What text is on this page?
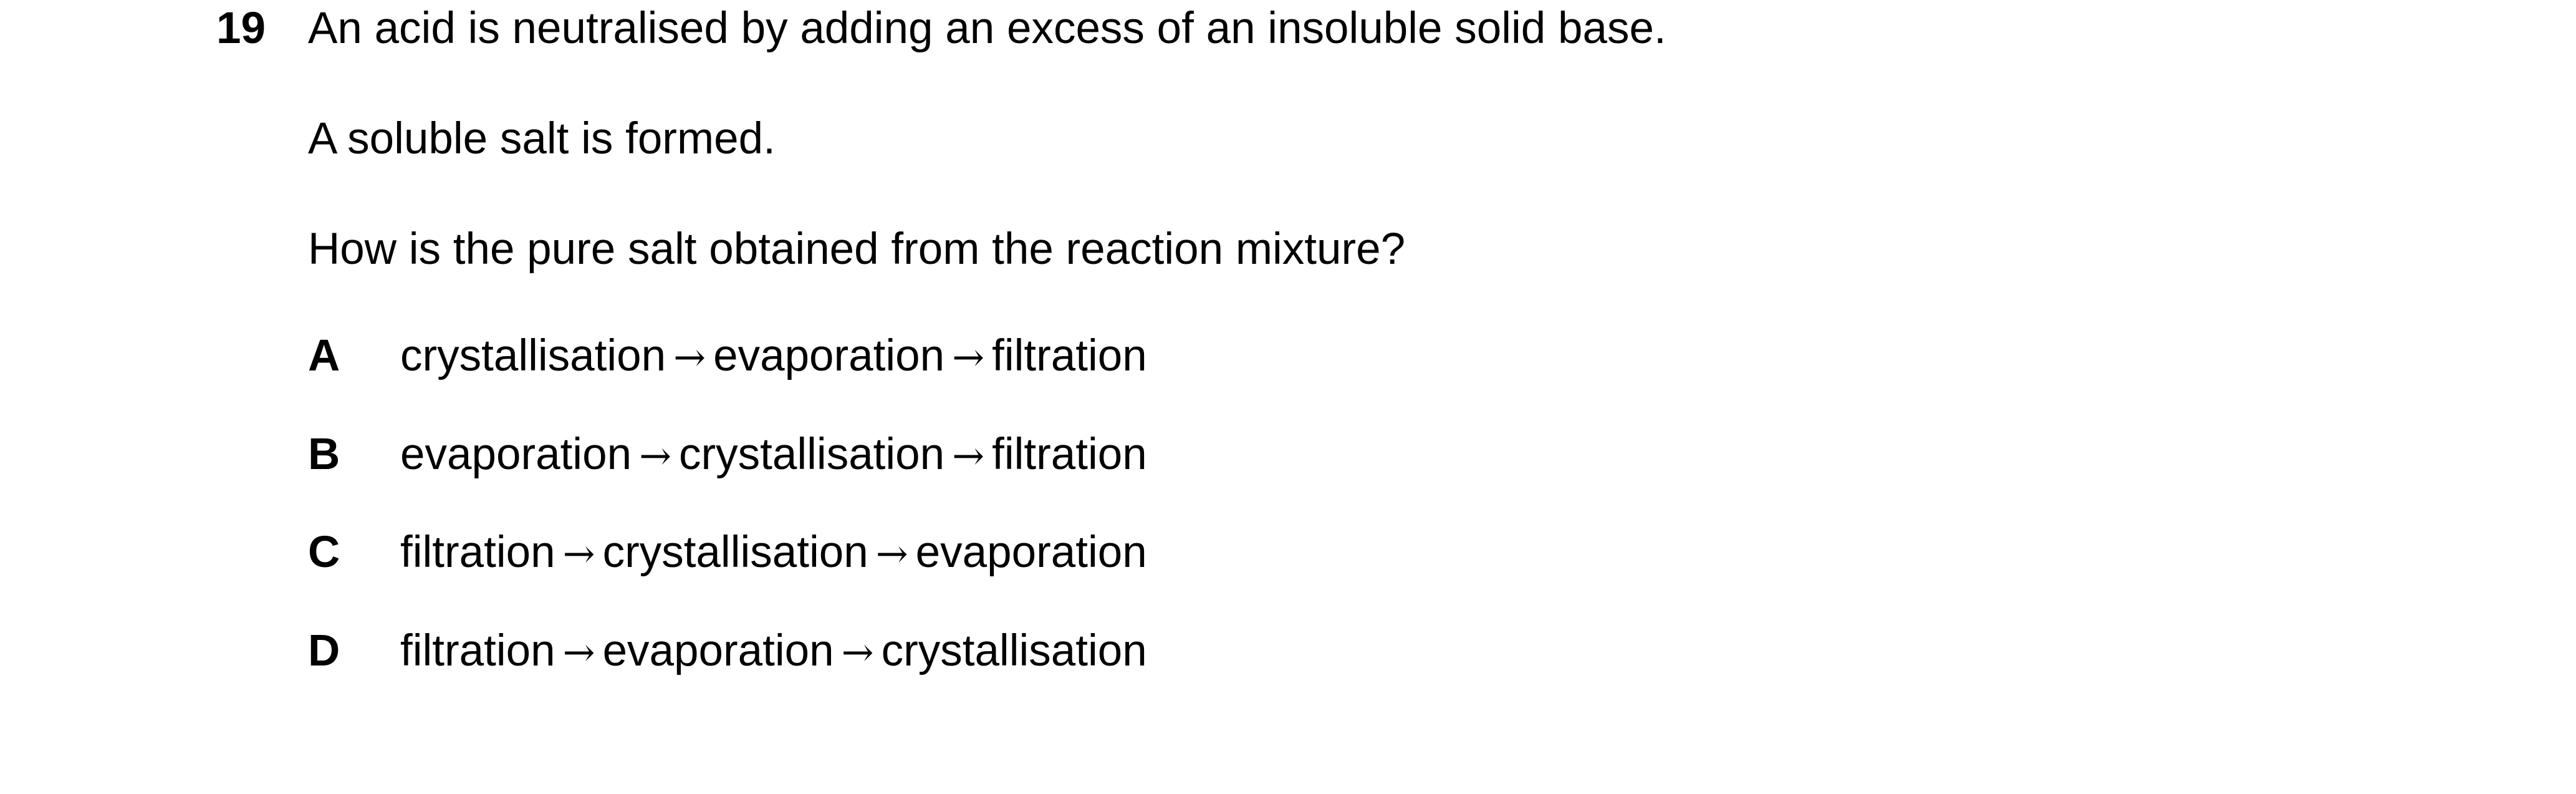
19 An acid is neutralised by adding an excess of an insoluble solid base.
A soluble salt is formed.
How is the pure salt obtained from the reaction mixture?
A crystallisation → evaporation → filtration
B evaporation → crystallisation → filtration
C filtration → crystallisation → evaporation
D filtration → evaporation → crystallisation
